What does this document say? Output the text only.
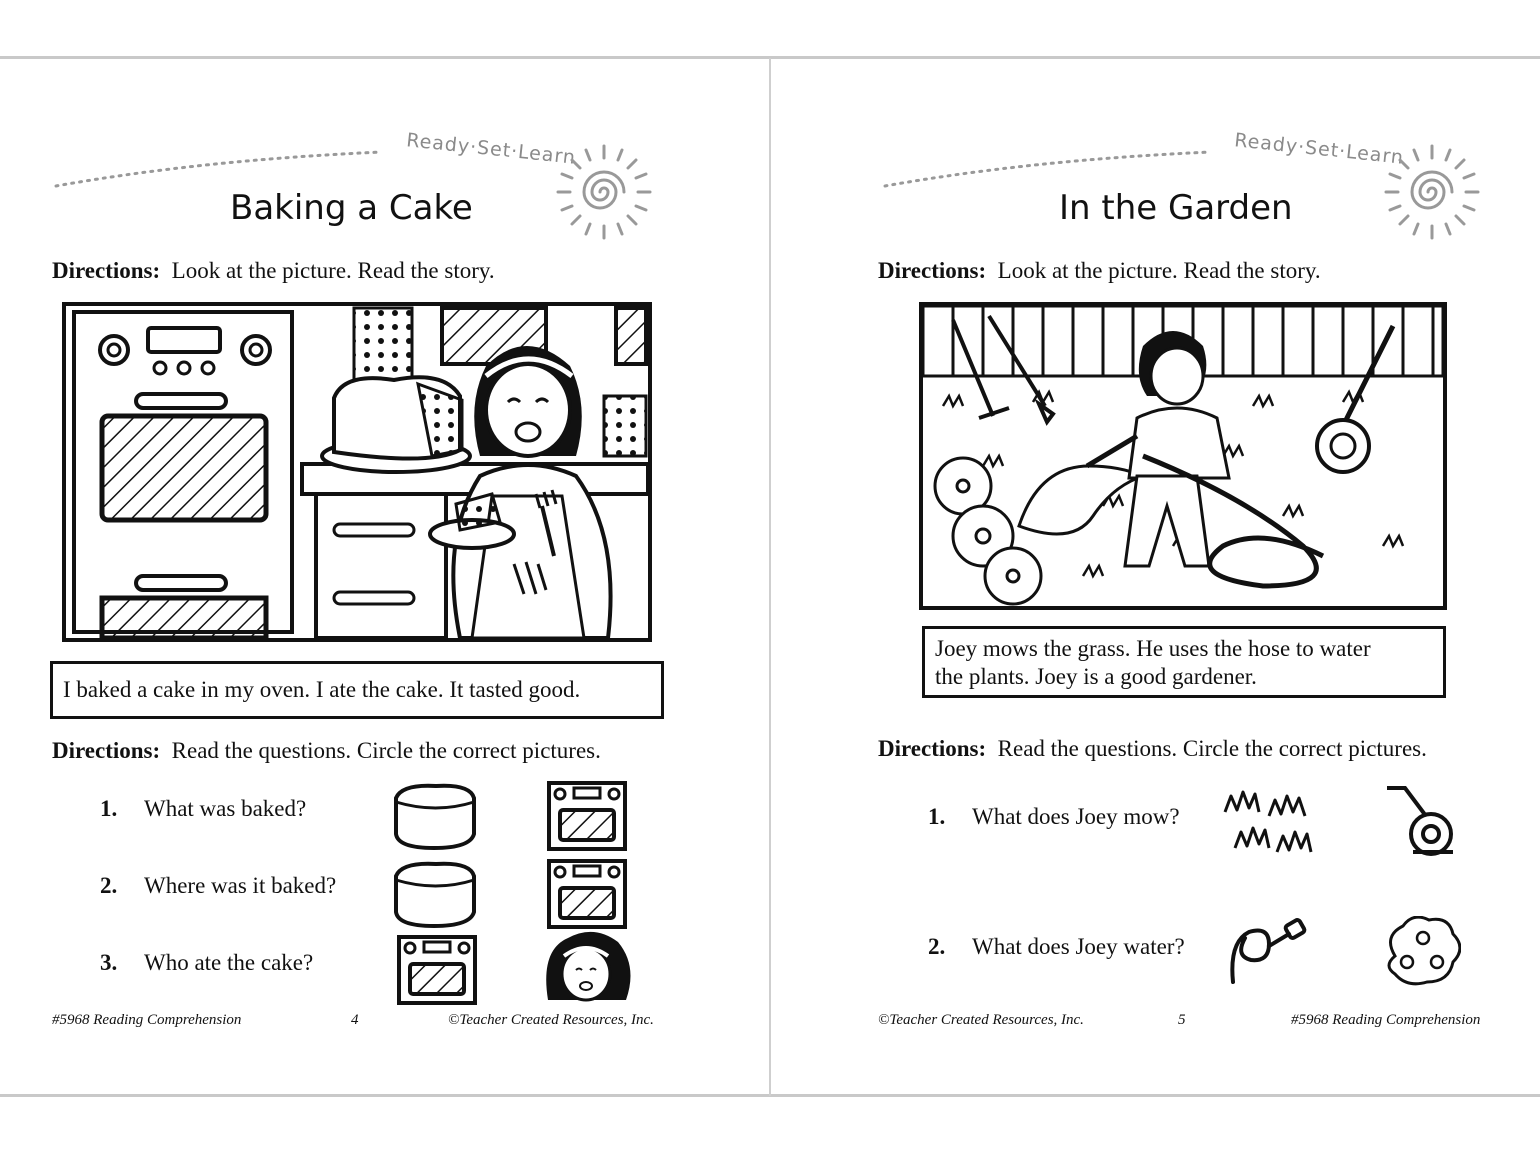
Ready·Set·Learn
Baking a Cake

Directions: Look at the picture. Read the story.

I baked a cake in my oven. I ate the cake. It tasted good.

Directions: Read the questions. Circle the correct pictures.

1. What was baked?
2. Where was it baked?
3. Who ate the cake?
#5968 Reading Comprehension	4	©Teacher Created Resources, Inc.
Ready·Set·Learn
In the Garden

Directions: Look at the picture. Read the story.

Joey mows the grass. He uses the hose to water
the plants. Joey is a good gardener.

Directions: Read the questions. Circle the correct pictures.

1. What does Joey mow?
2. What does Joey water?
©Teacher Created Resources, Inc.	5	#5968 Reading Comprehension
